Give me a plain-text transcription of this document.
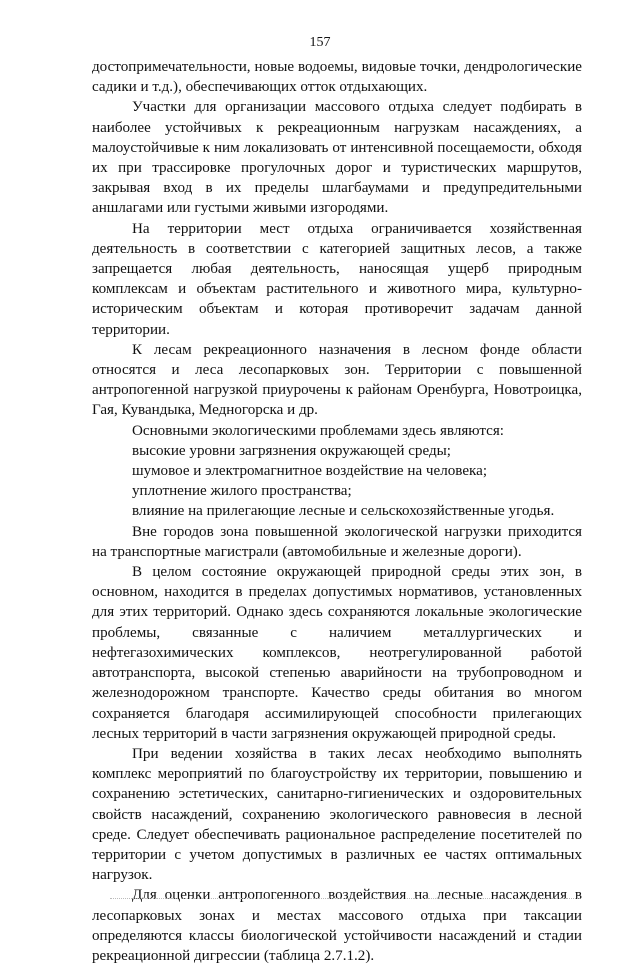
157

достопримечательности, новые водоемы, видовые точки, дендрологические садики и т.д.), обеспечивающих отток отдыхающих.

Участки для организации массового отдыха следует подбирать в наиболее устойчивых к рекреационным нагрузкам насаждениях, а малоустойчивые к ним локализовать от интенсивной посещаемости, обходя их при трассировке прогулочных дорог и туристических маршрутов, закрывая вход в их пределы шлагбаумами и предупредительными аншлагами или густыми живыми изгородями.

На территории мест отдыха ограничивается хозяйственная деятельность в соответствии с категорией защитных лесов, а также запрещается любая деятельность, наносящая ущерб природным комплексам и объектам растительного и животного мира, культурно-историческим объектам и которая противоречит задачам данной территории.

К лесам рекреационного назначения в лесном фонде области относятся и леса лесопарковых зон. Территории с повышенной антропогенной нагрузкой приурочены к районам Оренбурга, Новотроицка, Гая, Кувандыка, Медногорска и др.

Основными экологическими проблемами здесь являются:

высокие уровни загрязнения окружающей среды;

шумовое и электромагнитное воздействие на человека;

уплотнение жилого пространства;

влияние на прилегающие лесные и сельскохозяйственные угодья.

Вне городов зона повышенной экологической нагрузки приходится на транспортные магистрали (автомобильные и железные дороги).

В целом состояние окружающей природной среды этих зон, в основном, находится в пределах допустимых нормативов, установленных для этих территорий. Однако здесь сохраняются локальные экологические проблемы, связанные с наличием металлургических и нефтегазохимических комплексов, неотрегулированной работой автотранспорта, высокой степенью аварийности на трубопроводном и железнодорожном транспорте. Качество среды обитания во многом сохраняется благодаря ассимилирующей способности прилегающих лесных территорий в части загрязнения окружающей природной среды.

При ведении хозяйства в таких лесах необходимо выполнять комплекс мероприятий по благоустройству их территории, повышению и сохранению эстетических, санитарно-гигиенических и оздоровительных свойств насаждений, сохранению экологического равновесия в лесной среде. Следует обеспечивать рациональное распределение посетителей по территории с учетом допустимых в различных ее частях оптимальных нагрузок.

Для оценки антропогенного воздействия на лесные насаждения в лесопарковых зонах и местах массового отдыха при таксации определяются классы биологической устойчивости насаждений и стадии рекреационной дигрессии (таблица 2.7.1.2).
